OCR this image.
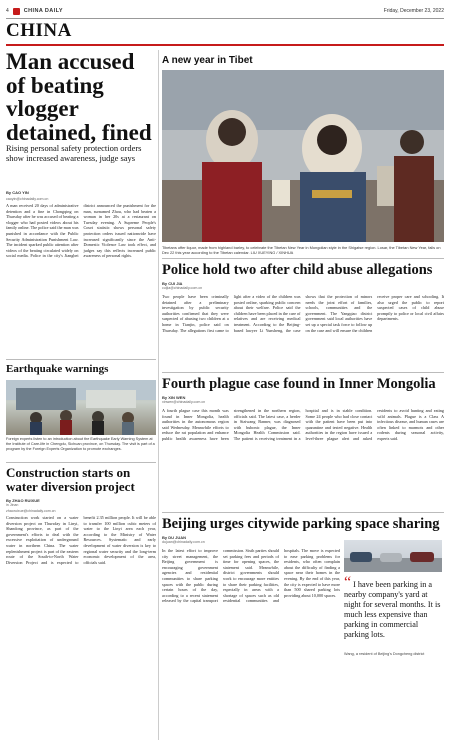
4	CHINA DAILY	Friday, December 23, 2022
CHINA
Man accused of beating vlogger detained, fined
Rising personal safety protection orders show increased awareness, judge says
By CAO YIN
caoyin@chinadaily.com.cn
A man received 20 days of administrative detention and a fine in Chongqing on Thursday after he was accused of beating a vlogger who had posted videos about his family online. The police said the man was punished in accordance with the Public Security Administration Punishment Law. The incident sparked public attention after videos of the beating circulated widely on social media. Police in the city's Jiangbei district announced the punishment for the man, surnamed Zhou, who had beaten a woman in her 20s at a restaurant on Tuesday evening. A Supreme People's Court statistic shows personal safety protection orders issued nationwide have increased significantly since the Anti-Domestic Violence Law took effect, and judges say this reflects increased public awareness of personal rights.
Earthquake warnings
Foreign experts listen to an introduction about the Earthquake Early Warning System at the Institute of Care-life in Chengdu, Sichuan province, on Thursday. The visit is part of a program by the Foreign Experts Organization to promote exchanges.
Construction starts on water diversion project
By ZHAO RUIXUE
in Jinan
zhaoruixue@chinadaily.com.cn
Construction work started on a water diversion project on Thursday in Linyi, Shandong province, as part of the government's efforts to deal with the excessive exploitation of underground water in northern China. The water replenishment project is part of the eastern route of the South-to-North Water Diversion Project and is expected to benefit 2.35 million people. It will be able to transfer 100 million cubic meters of water to the Linyi area each year, according to the Ministry of Water Resources. Systematic and early development of water diversion is key to regional water security and the long-term economic development of the area, officials said.
A new year in Tibet
Tibetans offer liquor, made from highland barley, to celebrate the Tibetan New Year in Mongolian style in the Shigatse region. Losar, the Tibetan New Year, falls on Dec 22 this year according to the Tibetan calendar. LIU XUEYING / XINHUA
Police hold two after child abuse allegations
By CUI JIA
cuijia@chinadaily.com.cn
Two people have been criminally detained after a preliminary investigation by public security authorities confirmed that they were suspected of abusing two children at a home in Tianjin, police said on Thursday. The allegations first came to light after a video of the children was posted online, sparking public concern about their welfare. Police said the children have been placed in the care of relatives and are receiving medical treatment. According to the Beijing-based lawyer Li Yunsheng, the case shows that the protection of minors needs the joint effort of families, schools, communities and the government. The Yangqiao district government said local authorities have set up a special task force to follow up on the case and will ensure the children receive proper care and schooling. It also urged the public to report suspected cases of child abuse promptly to police or local civil affairs departments.
Fourth plague case found in Inner Mongolia
By XIN WEN
xinwen@chinadaily.com.cn
A fourth plague case this month was found in Inner Mongolia, health authorities in the autonomous region said Wednesday. Meanwhile efforts to reduce the rat population and enhance public health awareness have been strengthened in the northern region, officials said. The latest case, a herder in Siziwang Banner, was diagnosed with bubonic plague, the Inner Mongolia Health Commission said. The patient is receiving treatment in a hospital and is in stable condition. Some 24 people who had close contact with the patient have been put into quarantine and tested negative. Health authorities in the region have issued a level-three plague alert and asked residents to avoid hunting and eating wild animals. Plague is a Class A infectious disease, and human cases are often linked to marmots and other rodents during seasonal activity, experts said.
Beijing urges citywide parking space sharing
By DU JUAN
dujuan@chinadaily.com.cn
In the latest effort to improve city street management, the Beijing government is encouraging government agencies and residential communities to share parking spaces with the public during certain hours of the day, according to a recent statement released by the capital transport commission. Sixth parties should set parking fees and periods of time for opening spaces, the statement said. Meanwhile, district governments should work to encourage more entities to share their parking facilities, especially in areas with a shortage of spaces such as old residential communities and hospitals. The move is expected to ease parking problems for residents, who often complain about the difficulty of finding a space near their homes in the evening. By the end of this year, the city is expected to have more than 500 shared parking lots providing about 10,000 spaces.
“ I have been parking in a nearby company's yard at night for several months. It is much less expensive than parking in commercial parking lots.
Wang, a resident of Beijing's Dongcheng district
